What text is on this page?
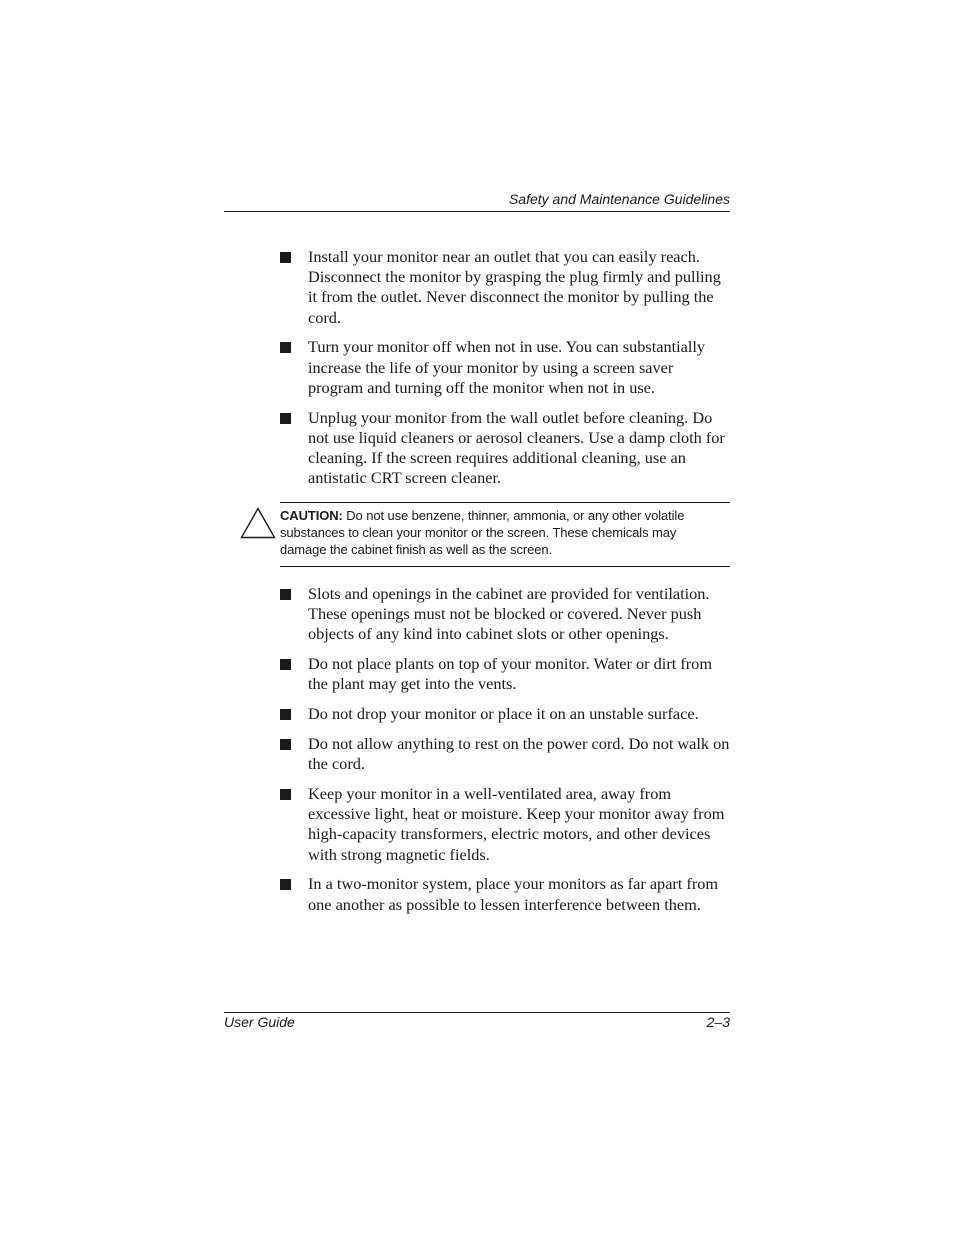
Safety and Maintenance Guidelines
Install your monitor near an outlet that you can easily reach. Disconnect the monitor by grasping the plug firmly and pulling it from the outlet. Never disconnect the monitor by pulling the cord.
Turn your monitor off when not in use. You can substantially increase the life of your monitor by using a screen saver program and turning off the monitor when not in use.
Unplug your monitor from the wall outlet before cleaning. Do not use liquid cleaners or aerosol cleaners. Use a damp cloth for cleaning. If the screen requires additional cleaning, use an antistatic CRT screen cleaner.
CAUTION: Do not use benzene, thinner, ammonia, or any other volatile substances to clean your monitor or the screen. These chemicals may damage the cabinet finish as well as the screen.
Slots and openings in the cabinet are provided for ventilation. These openings must not be blocked or covered. Never push objects of any kind into cabinet slots or other openings.
Do not place plants on top of your monitor. Water or dirt from the plant may get into the vents.
Do not drop your monitor or place it on an unstable surface.
Do not allow anything to rest on the power cord. Do not walk on the cord.
Keep your monitor in a well-ventilated area, away from excessive light, heat or moisture. Keep your monitor away from high-capacity transformers, electric motors, and other devices with strong magnetic fields.
In a two-monitor system, place your monitors as far apart from one another as possible to lessen interference between them.
User Guide	2–3
